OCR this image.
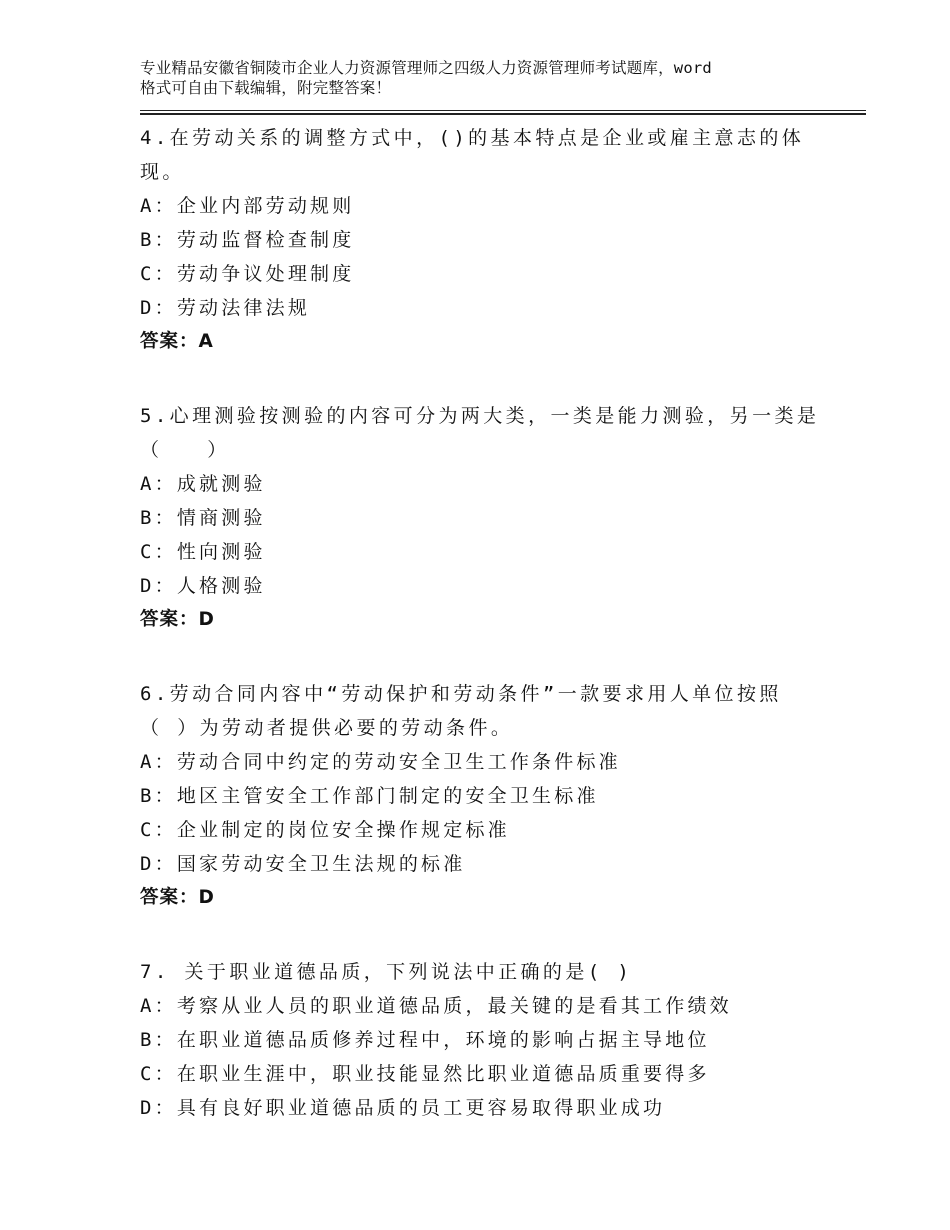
专业精品安徽省铜陵市企业人力资源管理师之四级人力资源管理师考试题库，word
格式可自由下载编辑，附完整答案！
4.在劳动关系的调整方式中，()的基本特点是企业或雇主意志的体
现。
A：企业内部劳动规则
B：劳动监督检查制度
C：劳动争议处理制度
D：劳动法律法规
答案：A
5.心理测验按测验的内容可分为两大类，一类是能力测验，另一类是
（　　）
A：成就测验
B：情商测验
C：性向测验
D：人格测验
答案：D
6.劳动合同内容中“劳动保护和劳动条件”一款要求用人单位按照
（ ）为劳动者提供必要的劳动条件。
A：劳动合同中约定的劳动安全卫生工作条件标准
B：地区主管安全工作部门制定的安全卫生标准
C：企业制定的岗位安全操作规定标准
D：国家劳动安全卫生法规的标准
答案：D
7. 关于职业道德品质，下列说法中正确的是( )
A：考察从业人员的职业道德品质，最关键的是看其工作绩效
B：在职业道德品质修养过程中，环境的影响占据主导地位
C：在职业生涯中，职业技能显然比职业道德品质重要得多
D：具有良好职业道德品质的员工更容易取得职业成功
